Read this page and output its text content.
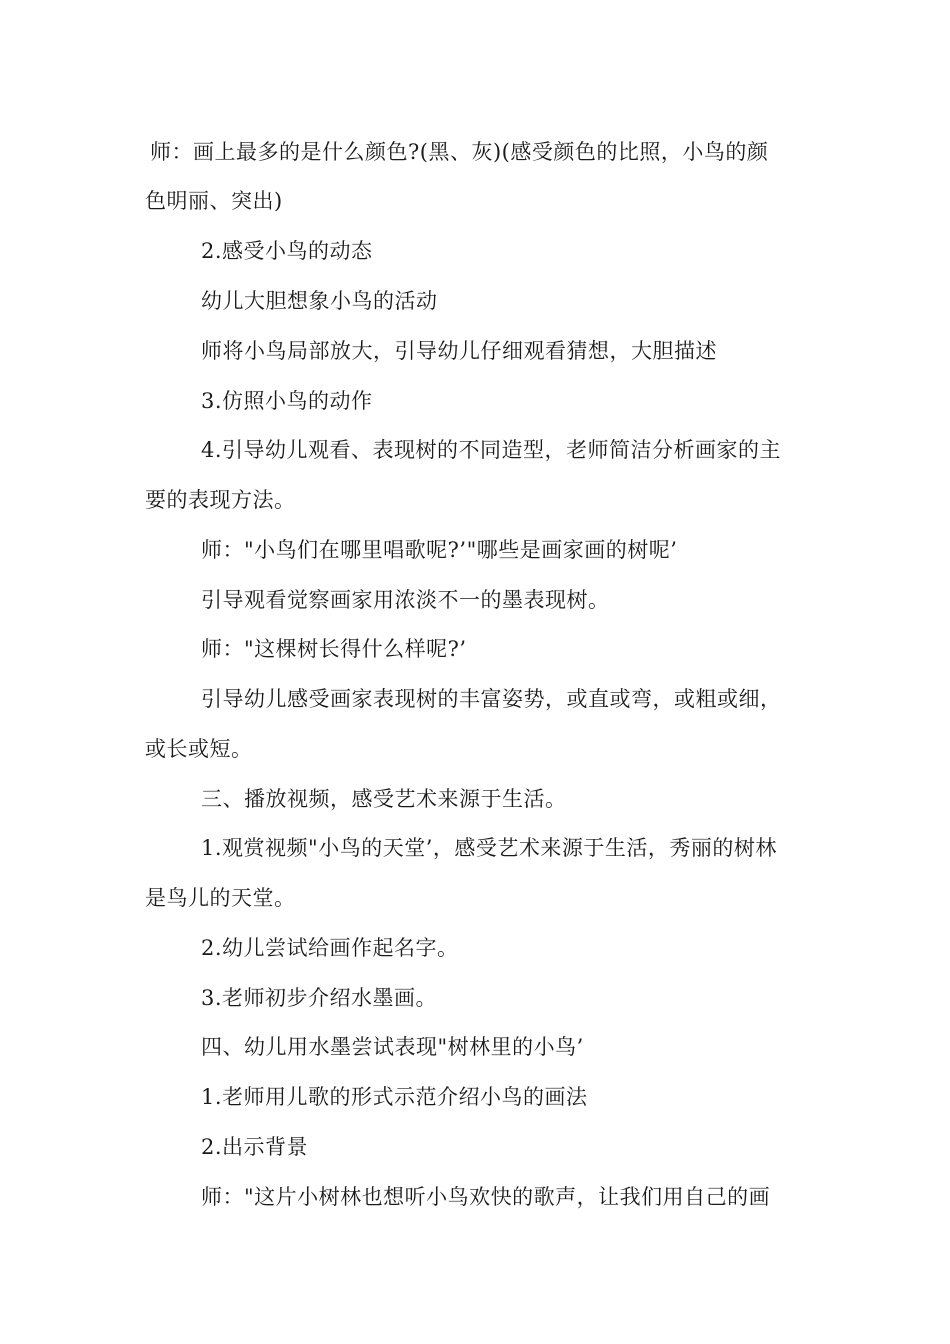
师：画上最多的是什么颜色?(黑、灰)(感受颜色的比照，小鸟的颜
色明丽、突出)
2.感受小鸟的动态
幼儿大胆想象小鸟的活动
师将小鸟局部放大，引导幼儿仔细观看猜想，大胆描述
3.仿照小鸟的动作
4.引导幼儿观看、表现树的不同造型，老师简洁分析画家的主
要的表现方法。
师："小鸟们在哪里唱歌呢?’"哪些是画家画的树呢’
引导观看觉察画家用浓淡不一的墨表现树。
师："这棵树长得什么样呢?’
引导幼儿感受画家表现树的丰富姿势，或直或弯，或粗或细，
或长或短。
三、播放视频，感受艺术来源于生活。
1.观赏视频"小鸟的天堂’，感受艺术来源于生活，秀丽的树林
是鸟儿的天堂。
2.幼儿尝试给画作起名字。
3.老师初步介绍水墨画。
四、幼儿用水墨尝试表现"树林里的小鸟’
1.老师用儿歌的形式示范介绍小鸟的画法
2.出示背景
师："这片小树林也想听小鸟欢快的歌声，让我们用自己的画
